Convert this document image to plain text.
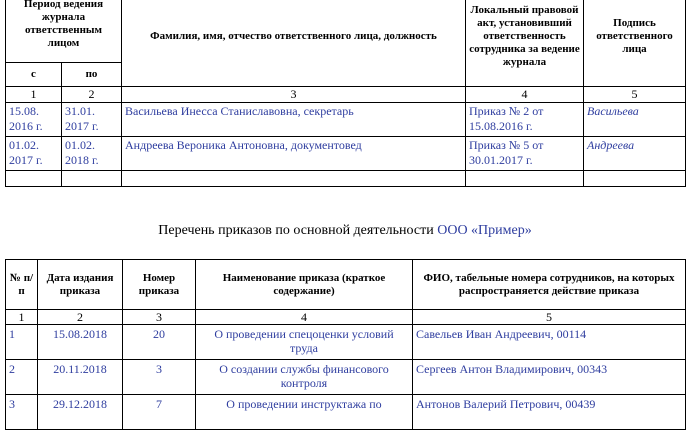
Период ведения журнала ответственным лицом		Фамилия, имя, отчество ответственного лица, должность	Локальный правовой акт, установивший ответственность сотрудника за ведение журнала	Подпись ответственного лица
с	по			
1	2	3	4	5
15.08. 2016 г.	31.01. 2017 г.	Васильева Инесса Станиславовна, секретарь	Приказ № 2 от 15.08.2016 г.	Васильева
01.02. 2017 г.	01.02. 2018 г.	Андреева Вероника Антоновна, документовед	Приказ № 5 от 30.01.2017 г.	Андреева

Перечень приказов по основной деятельности ООО «Пример»
№ п/п	Дата издания приказа	Номер приказа	Наименование приказа (краткое содержание)	ФИО, табельные номера сотрудников, на которых распространяется действие приказа
1	2	3	4	5
1	15.08.2018	20	О проведении спецоценки условий труда	Савельев Иван Андреевич, 00114
2	20.11.2018	3	О создании службы финансового контроля	Сергеев Антон Владимирович, 00343
3	29.12.2018	7	О проведении инструктажа по	Антонов Валерий Петрович, 00439
